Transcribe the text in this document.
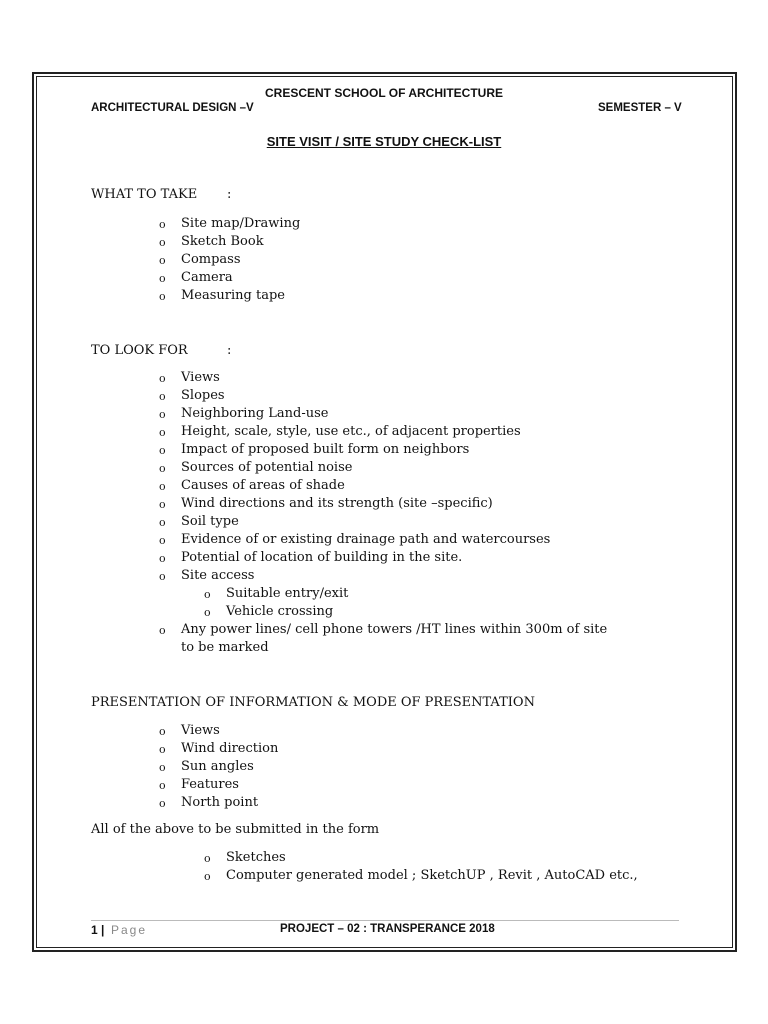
CRESCENT SCHOOL OF ARCHITECTURE
ARCHITECTURAL DESIGN –V	SEMESTER – V
SITE VISIT / SITE STUDY CHECK-LIST
WHAT TO TAKE :
o Site map/Drawing
o Sketch Book
o Compass
o Camera
o Measuring tape
TO LOOK FOR	:
o Views
o Slopes
o Neighboring Land-use
o Height, scale, style, use etc., of adjacent properties
o Impact of proposed built form on neighbors
o Sources of potential noise
o Causes of areas of shade
o Wind directions and its strength (site –specific)
o Soil type
o Evidence of or existing drainage path and watercourses
o Potential of location of building in the site.
o Site access
o Suitable entry/exit
o Vehicle crossing
o Any power lines/ cell phone towers /HT lines within 300m of site
to be marked
PRESENTATION OF INFORMATION & MODE OF PRESENTATION
o Views
o Wind direction
o Sun angles
o Features
o North point
All of the above to be submitted in the form
o Sketches
o Computer generated model ; SketchUP , Revit , AutoCAD etc.,
1 | Page	PROJECT – 02 : TRANSPERANCE 2018
